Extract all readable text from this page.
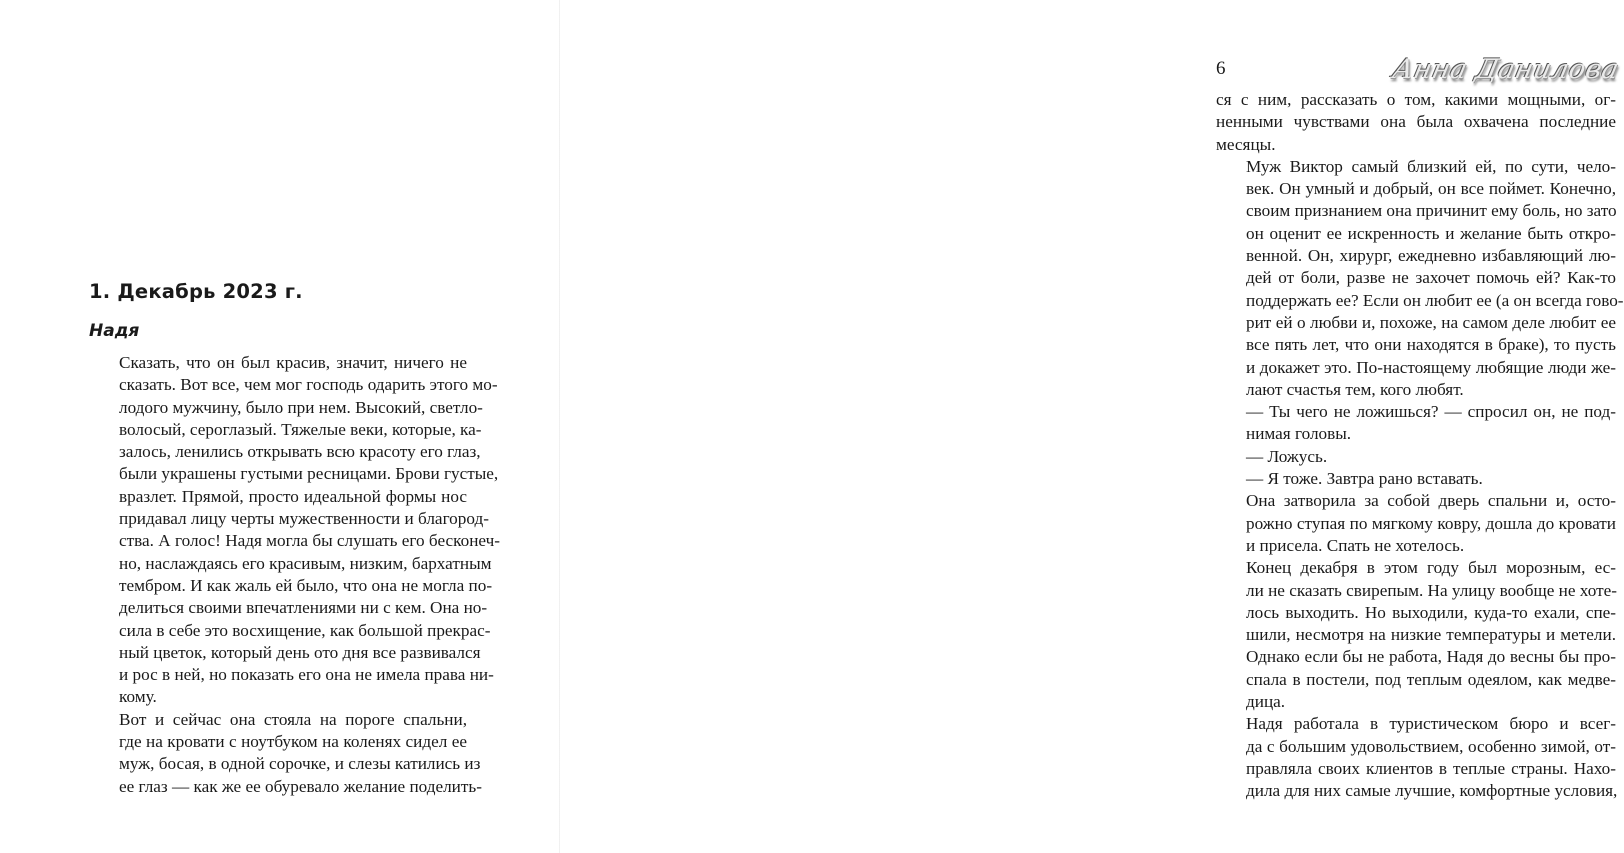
1. Декабрь 2023 г.
Надя

Сказать, что он был красив, значит, ничего не
сказать. Вот все, чем мог господь одарить этого мо-
лодого мужчину, было при нем. Высокий, светло-
волосый, сероглазый. Тяжелые веки, которые, ка-
залось, ленились открывать всю красоту его глаз,
были украшены густыми ресницами. Брови густые,
вразлет. Прямой, просто идеальной формы нос
придавал лицу черты мужественности и благород-
ства. А голос! Надя могла бы слушать его бесконеч-
но, наслаждаясь его красивым, низким, бархатным
тембром. И как жаль ей было, что она не могла по-
делиться своими впечатлениями ни с кем. Она но-
сила в себе это восхищение, как большой прекрас-
ный цветок, который день ото дня все развивался
и рос в ней, но показать его она не имела права ни-
кому.

Вот и сейчас она стояла на пороге спальни,
где на кровати с ноутбуком на коленях сидел ее
муж, босая, в одной сорочке, и слезы катились из
ее глаз — как же ее обуревало желание поделить-

6	Анна Данилова

ся с ним, рассказать о том, какими мощными, ог-
ненными чувствами она была охвачена последние
месяцы.

Муж Виктор самый близкий ей, по сути, чело-
век. Он умный и добрый, он все поймет. Конечно,
своим признанием она причинит ему боль, но зато
он оценит ее искренность и желание быть откро-
венной. Он, хирург, ежедневно избавляющий лю-
дей от боли, разве не захочет помочь ей? Как-то
поддержать ее? Если он любит ее (а он всегда гово-
рит ей о любви и, похоже, на самом деле любит ее
все пять лет, что они находятся в браке), то пусть
и докажет это. По-настоящему любящие люди же-
лают счастья тем, кого любят.

— Ты чего не ложишься? — спросил он, не под-
нимая головы.

— Ложусь.

— Я тоже. Завтра рано вставать.

Она затворила за собой дверь спальни и, осто-
рожно ступая по мягкому ковру, дошла до кровати
и присела. Спать не хотелось.

Конец декабря в этом году был морозным, ес-
ли не сказать свирепым. На улицу вообще не хоте-
лось выходить. Но выходили, куда-то ехали, спе-
шили, несмотря на низкие температуры и метели.
Однако если бы не работа, Надя до весны бы про-
спала в постели, под теплым одеялом, как медве-
дица.

Надя работала в туристическом бюро и всег-
да с большим удовольствием, особенно зимой, от-
правляла своих клиентов в теплые страны. Нахо-
дила для них самые лучшие, комфортные условия,
